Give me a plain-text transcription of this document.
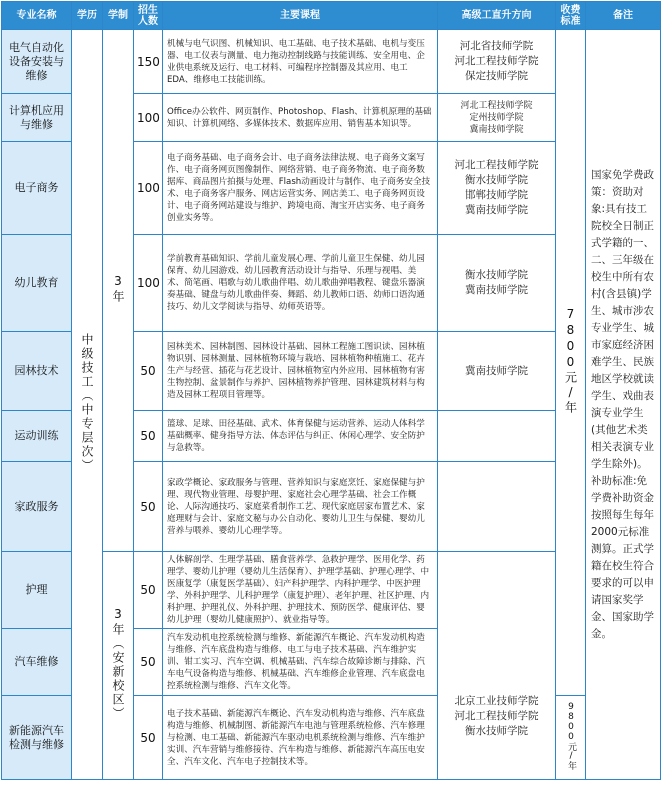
专业名称	学历	学制	招生人数	主要课程	高级工直升方向	收费标准	备注
电气自动化设备安装与维修	中级技工（中专层次）	3年	150	机械与电气识图、机械知识、电工基础、电子技术基础、电机与变压器、电工仪表与测量、电力拖动控制线路与技能训练、安全用电、企业供电系统及运行、电工材料、可编程序控制器及其应用、电工EDA、维修电工技能训练。	河北省技师学院
河北工程技师学院
保定技师学院	7800元/年	国家免学费政策：资助对象:具有技工院校全日制正式学籍的一、二、三年级在校生中所有农村(含县镇)学生、城市涉农专业学生、城市家庭经济困难学生、民族地区学校就读学生、戏曲表演专业学生(其他艺术类相关表演专业学生除外)。补助标准:免学费补助资金按照每生每年2000元标准测算。正式学籍在校生符合要求的可以申请国家奖学金、国家助学金。
计算机应用与维修			100	Office办公软件、网页制作、Photoshop、Flash、计算机原理的基础知识、计算机网络、多媒体技术、数据库应用、销售基本知识等。	河北工程技师学院
定州技师学院
冀南技师学院		

电子商务			100	电子商务基础、电子商务会计、电子商务法律法规、电子商务文案写作、电子商务网页图像制作、网络营销、电子商务物流、电子商务数据库、商品图片拍摄与处理、Flash动画设计与制作、电子商务安全技术、电子商务客户服务、网店运营实务、网店美工、电子商务网页设计、电子商务网站建设与维护、跨境电商、淘宝开店实务、电子商务创业实务等。	河北工程技师学院
衡水技师学院
邯郸技师学院
冀南技师学院		

幼儿教育			100	学前教育基础知识、学前儿童发展心理、学前儿童卫生保健、幼儿园保育、幼儿园游戏、幼儿园教育活动设计与指导、乐理与视唱、美术、简笔画、唱歌与幼儿歌曲伴唱、幼儿歌曲弹唱教程、键盘乐器演奏基础、键盘与幼儿歌曲伴奏、舞蹈、幼儿教师口语、幼师口语沟通技巧、幼儿文学阅读与指导、幼师英语等。	衡水技师学院
冀南技师学院		

园林技术			50	园林美术、园林制图、园林设计基础、园林工程施工图识读、园林植物识别、园林测量、园林植物环境与栽培、园林植物种植施工、花卉生产与经营、插花与花艺设计、园林植物室内外应用、园林植物有害生物控制、盆景制作与养护、园林植物养护管理、园林建筑材料与构造及园林工程项目管理等。	冀南技师学院		

运动训练			50	篮球、足球、田径基础、武术、体育保健与运动营养、运动人体科学基础概率、健身指导方法、体态评估与纠正、休闲心理学、安全防护与急救等。			
家政服务			50	家政学概论、家政服务与管理、营养知识与家庭烹饪、家庭保健与护理、现代物业管理、母婴护理、家庭社会心理学基础、社会工作概论、人际沟通技巧、家庭菜肴制作工艺、现代家庭居家布置艺术、家庭理财与会计、家庭文秘与办公自动化、婴幼儿卫生与保健、婴幼儿营养与喂养、婴幼儿心理学等。			
护理		3年（安新校区）	50	人体解剖学、生理学基础、膳食营养学、急救护理学、医用化学、药理学、婴幼儿护理（婴幼儿生活保育）、护理学基础、护理心理学、中医康复学（康复医学基础）、妇产科护理学、内科护理学、中医护理学、外科护理学、儿科护理学（康复护理）、老年护理、社区护理、内科护理、护理礼仪、外科护理、护理技术、预防医学、健康评估、婴幼儿护理（婴幼儿健康照护）、就业指导等。	北京工业技师学院
河北工程技师学院
衡水技师学院		

汽车维修			50	汽车发动机电控系统检测与维修、新能源汽车概论、汽车发动机构造与维修、汽车底盘构造与维修、电工与电子技术基础、汽车维护实训、钳工实习、汽车空调、机械基础、汽车综合故障诊断与排除、汽车电气设备构造与维修、机械基础、汽车维修企业管理、汽车底盘电控系统检测与维修、汽车文化等。			
新能源汽车检测与维修			50	电子技术基础、新能源汽车概论、汽车发动机构造与维修、汽车底盘构造与维修、机械制图、新能源汽车电池与管理系统检修、汽车修理与检测、电工基础、新能源汽车驱动电机系统检测与维修、汽车维护实训、汽车营销与维修接待、汽车构造与维修、新能源汽车高压电安全、汽车文化、汽车电子控制技术等。		9800元/年	
